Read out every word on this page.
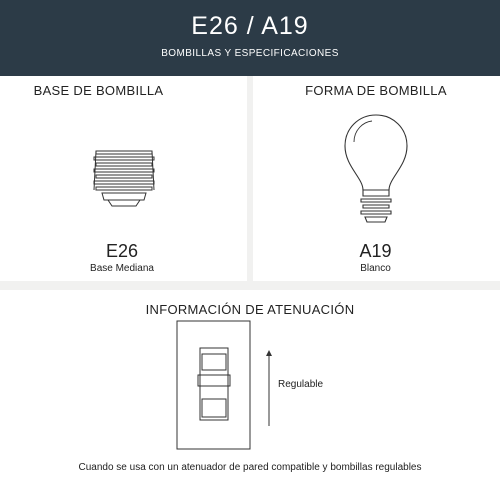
E26 / A19
BOMBILLAS Y ESPECIFICACIONES
BASE DE BOMBILLA
E26
Base Mediana
FORMA DE BOMBILLA
A19
Blanco
INFORMACIÓN DE ATENUACIÓN
Regulable
Cuando se usa con un atenuador de pared compatible y bombillas regulables
